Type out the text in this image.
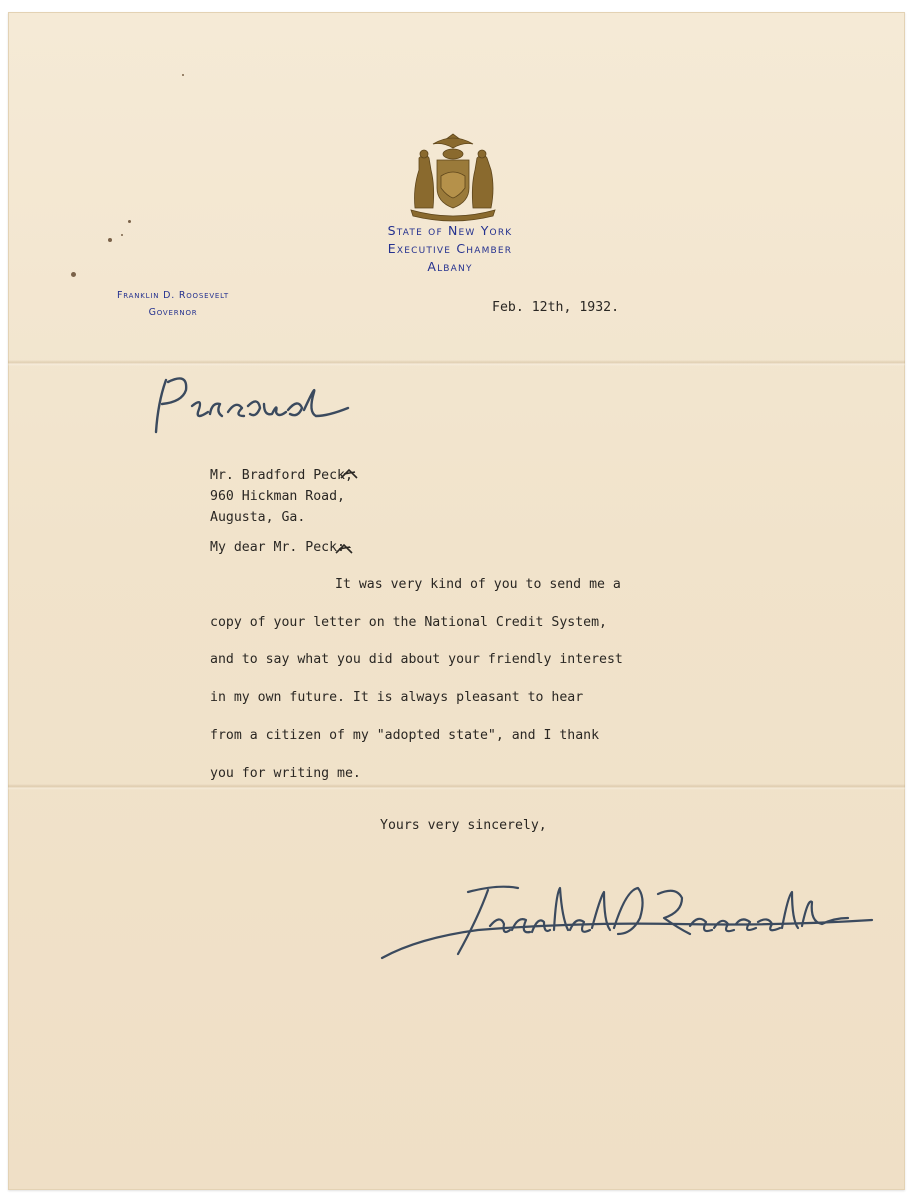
State of New York
Executive Chamber
Albany
Franklin D. Roosevelt
Governor	Feb. 12th, 1932.
Personal
Mr. Bradford Peck,
960 Hickman Road,
Augusta, Ga.
My dear Mr. Peck:-
It was very kind of you to send me a
copy of your letter on the National Credit System,
and to say what you did about your friendly interest
in my own future. It is always pleasant to hear
from a citizen of my "adopted state", and I thank
you for writing me.
Yours very sincerely,
Franklin D Roosevelt
